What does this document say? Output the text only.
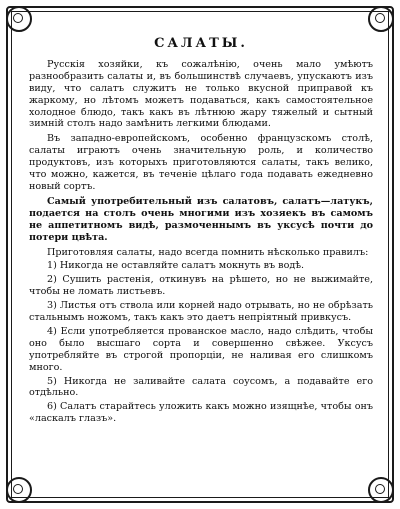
САЛАТЫ.

Русскія хозяйки, къ сожалѣнію, очень мало умѣютъ разнообразить салаты и, въ большинствѣ случаевъ, упускаютъ изъ виду, что салатъ служитъ не только вкусной приправой къ жаркому, но лѣтомъ можетъ подаваться, какъ самостоятельное холодное блюдо, такъ какъ въ лѣтнюю жару тяжелый и сытный зимній столъ надо замѣнить легкими блюдами.

Въ западно-европейскомъ, особенно французскомъ столѣ, салаты играютъ очень значительную роль, и количество продуктовъ, изъ которыхъ приготовляются салаты, такъ велико, что можно, кажется, въ теченіе цѣлаго года подавать ежедневно новый сортъ.

Самый употребительный изъ салатовъ, салатъ—латукъ, подается на столъ очень многими изъ хозяекъ въ самомъ не аппетитномъ видѣ, размоченнымъ въ уксусѣ почти до потери цвѣта.

Приготовляя салаты, надо всегда помнить нѣсколько правилъ:

1) Никогда не оставляйте салатъ мокнуть въ водѣ.

2) Сушить растенія, откинувъ на рѣшето, но не выжимайте, чтобы не ломать листьевъ.

3) Листья отъ ствола или корней надо отрывать, но не обрѣзать стальнымъ ножомъ, такъ какъ это даетъ непріятный привкусъ.

4) Если употребляется прованское масло, надо слѣдить, чтобы оно было высшаго сорта и совершенно свѣжее. Уксусъ употребляйте въ строгой пропорціи, не наливая его слишкомъ много.

5) Никогда не заливайте салата соусомъ, а подавайте его отдѣльно.

6) Салатъ старайтесь уложить какъ можно изящнѣе, чтобы онъ «ласкалъ глазъ».
